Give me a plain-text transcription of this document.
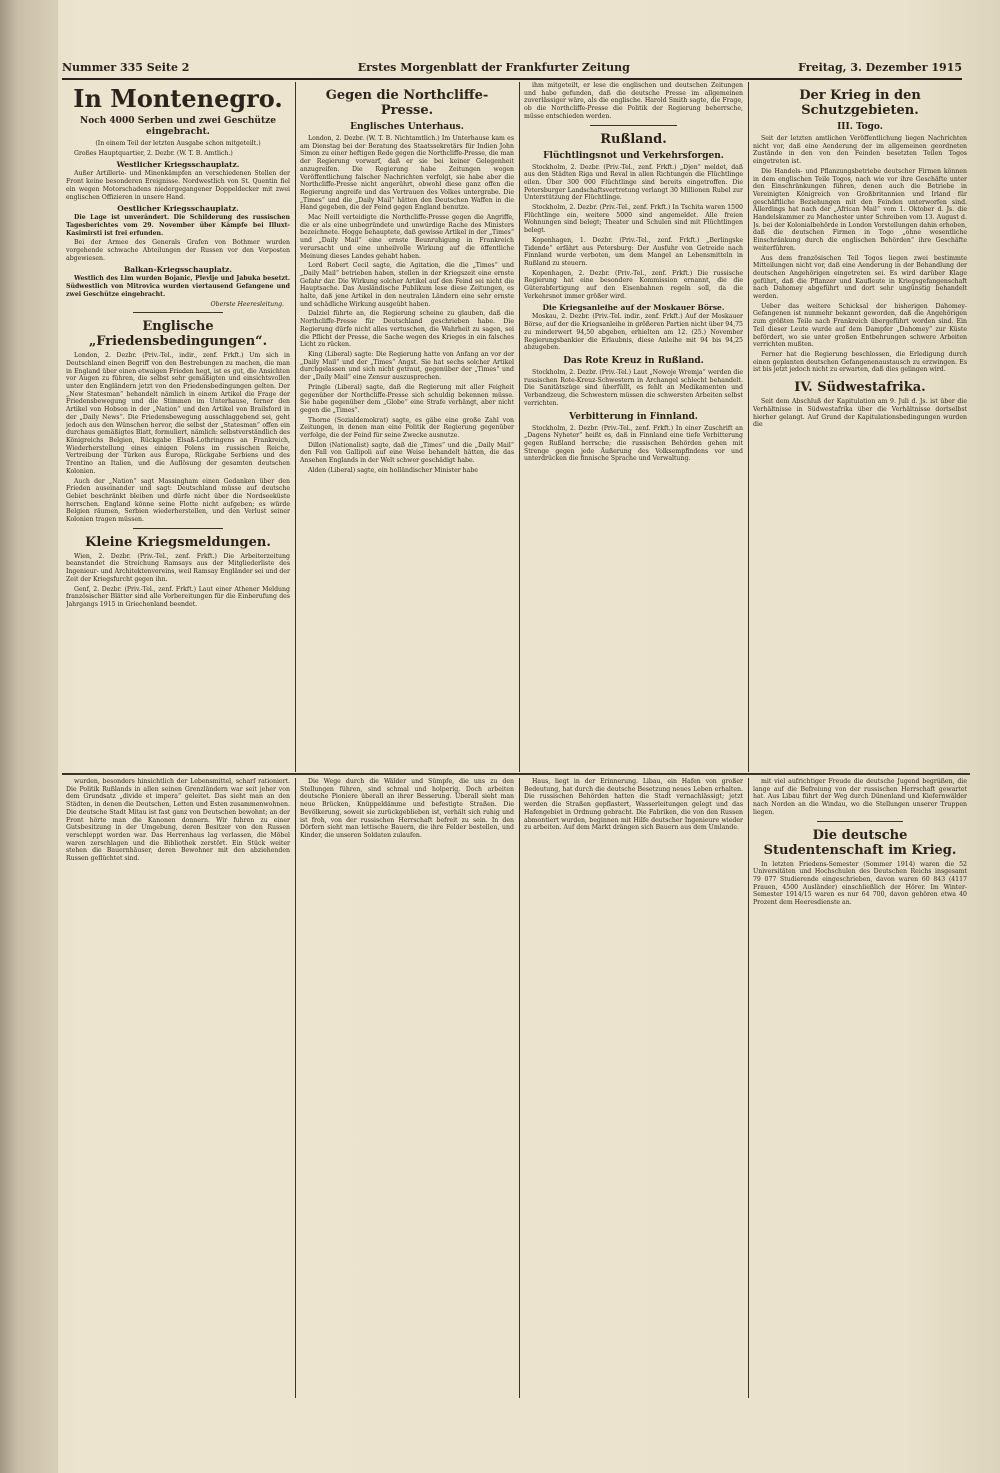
Nummer 335 Seite 2	Erstes Morgenblatt der Frankfurter Zeitung	Freitag, 3. Dezember 1915
In Montenegro.
Noch 4000 Serben und zwei Geschütze eingebracht.

(In einem Teil der letzten Ausgabe schon mitgeteilt.)

Großes Hauptquartier, 2. Dezbr. (W. T. B. Amtlich.)

Westlicher Kriegsschauplatz.

Außer Artillerie- und Minenkämpfen an verschiedenen Stellen der Front keine besonderen Ereignisse. Nordwestlich von St. Quentin fiel ein wegen Motorschadens niedergegangener Doppeldecker mit zwei englischen Offizieren in unsere Hand.

Oestlicher Kriegsschauplatz.

Die Lage ist unverändert. Die Schilderung des russischen Tagesberichtes vom 29. November über Kämpfe bei Illuxt-Kasimirsti ist frei erfunden.

Bei der Armee des Generals Grafen von Bothmer wurden vorgehende schwache Abteilungen der Russen vor den Vorposten abgewiesen.

Balkan-Kriegsschauplatz.

Westlich des Lim wurden Bojanic, Plevlje und Jabuka besetzt. Südwestlich von Mitrovica wurden viertausend Gefangene und zwei Geschütze eingebracht.

Oberste Heeresleitung.

Englische „Friedensbedingungen“.

London, 2. Dezbr. (Priv.-Tel., indir., zenf. Frkft.) Um sich in Deutschland einen Begriff von den Bestrebungen zu machen, die man in England über einen etwaigen Frieden hegt, ist es gut, die Ansichten vor Augen zu führen, die selbst sehr gemäßigten und einsichtsvollen unter den Engländern jetzt von den Friedensbedingungen gelten. Der „New Statesman“ behandelt nämlich in einem Artikel die Frage der Friedensbewegung und die Stimmen im Unterhause, ferner den Artikel von Hobson in der „Nation“ und den Artikel von Brailsford in der „Daily News“. Die Friedensbewegung ausschlaggebend sei, geht jedoch aus den Wünschen hervor, die selbst der „Statesman“ offen ein durchaus gemäßigtes Blatt, formuliert, nämlich: selbstverständlich des Königreichs Belgien, Rückgabe Elsaß-Lothringens an Frankreich, Wiederherstellung eines einigen Polens im russischen Reiche, Vertreibung der Türken aus Europa, Rückgabe Serbiens und des Trentino an Italien, und die Auflösung der gesamten deutschen Kolonien.

Auch der „Nation“ sagt Massingham einen Gedanken über den Frieden auseinander und sagt: Deutschland müsse auf deutsche Gebiet beschränkt bleiben und dürfe nicht über die Nordseeküste herrschen. England könne seine Flotte nicht aufgeben; es würde Belgien räumen, Serbien wiederherstellen, und den Verlust seiner Kolonien tragen müssen.

Kleine Kriegsmeldungen.

Wien, 2. Dezbr. (Priv.-Tel., zenf. Frkft.) Die Arbeiterzeitung beanstandet die Streichung Ramsays aus der Mitgliederliste des Ingenieur- und Architektenvereins, weil Ramsay Engländer sei und der Zeit der Kriegsfurcht gegen ihn.

Genf, 2. Dezbr. (Priv.-Tel., zenf. Frkft.) Laut einer Athener Meldung französischer Blätter sind alle Vorbereitungen für die Einberufung des Jahrgangs 1915 in Griechenland beendet.

Gegen die Northcliffe-Presse.
Englisches Unterhaus.

London, 2. Dezbr. (W. T. B. Nichtamtlich.) Im Unterhause kam es am Dienstag bei der Beratung des Staatssekretärs für Indien John Simon zu einer heftigen Rede gegen die Northcliffe-Presse, die man der Regierung vorwarf, daß er sie bei keiner Gelegenheit anzugreifen. Die Regierung habe Zeitungen wegen Veröffentlichung falscher Nachrichten verfolgt, sie habe aber die Northcliffe-Presse nicht angerührt, obwohl diese ganz offen die Regierung angreife und das Vertrauen des Volkes untergrabe. Die „Times“ und die „Daily Mail“ hätten den Deutschen Waffen in die Hand gegeben, die der Feind gegen England benutze.

Mac Neill verteidigte die Northcliffe-Presse gegen die Angriffe, die er als eine unbegründete und unwürdige Rache des Ministers bezeichnete. Hogge behauptete, daß gewisse Artikel in der „Times“ und „Daily Mail“ eine ernste Beunruhigung in Frankreich verursacht und eine unheilvolle Wirkung auf die öffentliche Meinung dieses Landes gehabt haben.

Lord Robert Cecil sagte, die Agitation, die die „Times“ und „Daily Mail“ betrieben haben, stellen in der Kriegszeit eine ernste Gefahr dar. Die Wirkung solcher Artikel auf den Feind sei nicht die Hauptsache. Das Ausländische Publikum lese diese Zeitungen, es halte, daß jene Artikel in den neutralen Ländern eine sehr ernste und schädliche Wirkung ausgeübt haben.

Dalziel führte an, die Regierung scheine zu glauben, daß die Northcliffe-Presse für Deutschland geschrieben habe. Die Regierung dürfe nicht alles vertuschen, die Wahrheit zu sagen, sei die Pflicht der Presse, die Sache wegen des Krieges in ein falsches Licht zu rücken.

King (Liberal) sagte: Die Regierung hatte von Anfang an vor der „Daily Mail“ und der „Times“ Angst. Sie hat sechs solcher Artikel durchgelassen und sich nicht getraut, gegenüber der „Times“ und der „Daily Mail“ eine Zensur auszusprechen.

Pringle (Liberal) sagte, daß die Regierung mit aller Feigheit gegenüber der Northcliffe-Presse sich schuldig bekennen müsse. Sie habe gegenüber dem „Globe“ eine Strafe verhängt, aber nicht gegen die „Times“.

Thorne (Sozialdemokrat) sagte, es gäbe eine große Zahl von Zeitungen, in denen man eine Politik der Regierung gegenüber verfolge, die der Feind für seine Zwecke ausnutze.

Dillon (Nationalist) sagte, daß die „Times“ und die „Daily Mail“ den Fall von Gallipoli auf eine Weise behandelt hätten, die das Ansehen Englands in der Welt schwer geschädigt habe.

Alden (Liberal) sagte, ein holländischer Minister habe

ihm mitgeteilt, er lese die englischen und deutschen Zeitungen und habe gefunden, daß die deutsche Presse im allgemeinen zuverlässiger wäre, als die englische. Harold Smith sagte, die Frage, ob die Northcliffe-Presse die Politik der Regierung beherrsche, müsse entschieden werden.

Rußland.
Flüchtlingsnot und Verkehrsforgen.

Stockholm, 2. Dezbr. (Priv.-Tel., zenf. Frkft.) „Djen“ meldet, daß aus den Städten Riga und Reval in allen Richtungen die Flüchtlinge eilen. Über 300 000 Flüchtlinge sind bereits eingetroffen. Die Petersburger Landschaftsvertretung verlangt 30 Millionen Rubel zur Unterstützung der Flüchtlinge.

Stockholm, 2. Dezbr. (Priv.-Tel., zenf. Frkft.) In Tschita waren 1500 Flüchtlinge ein, weitere 5000 sind angemeldet. Alle freien Wohnungen sind belegt; Theater und Schulen sind mit Flüchtlingen belegt.

Kopenhagen, 1. Dezbr. (Priv.-Tel., zenf. Frkft.) „Berlingske Tidende“ erfährt aus Petersburg: Der Ausfuhr von Getreide nach Finnland wurde verboten, um dem Mangel an Lebensmitteln in Rußland zu steuern.

Kopenhagen, 2. Dezbr. (Priv.-Tel., zenf. Frkft.) Die russische Regierung hat eine besondere Kommission ernannt, die die Güterabfertigung auf den Eisenbahnen regeln soll, da die Verkehrsnot immer größer wird.

Die Kriegsanleihe auf der Moskauer Börse.

Moskau, 2. Dezbr. (Priv.-Tel. indir., zenf. Frkft.) Auf der Moskauer Börse, auf der die Kriegsanleihe in größeren Partien nicht über 94,75 zu minderwert 94,50 abgeben, erhielten am 12. (25.) November Regierungsbankier die Erlaubnis, diese Anleihe mit 94 bis 94,25 abzugeben.

Das Rote Kreuz in Rußland.

Stockholm, 2. Dezbr. (Priv.-Tel.) Laut „Nowoje Wremja“ werden die russischen Rote-Kreuz-Schwestern in Archangel schlecht behandelt. Die Sanitätszüge sind überfüllt, es fehlt an Medikamenten und Verbandzeug, die Schwestern müssen die schwersten Arbeiten selbst verrichten.

Verbitterung in Finnland.

Stockholm, 2. Dezbr. (Priv.-Tel., zenf. Frkft.) In einer Zuschrift an „Dagens Nyheter“ heißt es, daß in Finnland eine tiefe Verbitterung gegen Rußland herrsche; die russischen Behörden gehen mit Strenge gegen jede Äußerung des Volksempfindens vor und unterdrücken die finnische Sprache und Verwaltung.

Der Krieg in den Schutzgebieten.
III. Togo.

Seit der letzten amtlichen Veröffentlichung liegen Nachrichten nicht vor, daß eine Aenderung der im allgemeinen geordneten Zustände in den von den Feinden besetzten Teilen Togos eingetreten ist.

Die Handels- und Pflanzungsbetriebe deutscher Firmen können in dem englischen Teile Togos, nach wie vor ihre Geschäfte unter den Einschränkungen führen, denen auch die Betriebe in Vereinigten Königreich von Großbritannien und Irland für geschäftliche Beziehungen mit den Feinden unterworfen sind. Allerdings hat nach der „African Mail“ vom 1. Oktober d. Js. die Handelskammer zu Manchester unter Schreiben vom 13. August d. Js. bei der Kolonialbehörde in London Vorstellungen dahin erhoben, daß die deutschen Firmen in Togo „ohne wesentliche Einschränkung durch die englischen Behörden“ ihre Geschäfte weiterführen.

Aus dem französischen Teil Togos liegen zwei bestimmte Mitteilungen nicht vor, daß eine Aenderung in der Behandlung der deutschen Angehörigen eingetreten sei. Es wird darüber Klage geführt, daß die Pflanzer und Kaufleute in Kriegsgefangenschaft nach Dahomey abgeführt und dort sehr ungünstig behandelt werden.

Ueber das weitere Schicksal der bisherigen Dahomey-Gefangenen ist nunmehr bekannt geworden, daß die Angehörigen zum größten Teile nach Frankreich übergeführt worden sind. Ein Teil dieser Leute wurde auf dem Dampfer „Dahomey“ zur Küste befördert, wo sie unter großen Entbehrungen schwere Arbeiten verrichten mußten.

Ferner hat die Regierung beschlossen, die Erledigung durch einen geplanten deutschen Gefangenenaustausch zu erzwingen. Es ist bis jetzt jedoch nicht zu erwarten, daß dies gelingen wird.

IV. Südwestafrika.

Seit dem Abschluß der Kapitulation am 9. Juli d. Js. ist über die Verhältnisse in Südwestafrika über die Verhältnisse dortselbst hierher gelangt. Auf Grund der Kapitulationsbedingungen wurden die

wurden, besonders hinsichtlich der Lebensmittel, scharf rationiert. Die Politik Rußlands in allen seinen Grenzländern war seit jeher von dem Grundsatz „divide et impera“ geleitet. Das sieht man an den Städten, in denen die Deutschen, Letten und Esten zusammenwohnen. Die deutsche Stadt Mitau ist fast ganz von Deutschen bewohnt; an der Front hörte man die Kanonen donnern. Wir fuhren zu einer Gutsbesitzung in der Umgebung, deren Besitzer von den Russen verschleppt worden war. Das Herrenhaus lag verlassen, die Möbel waren zerschlagen und die Bibliothek zerstört. Ein Stück weiter stehen die Bauernhäuser, deren Bewohner mit den abziehenden Russen geflüchtet sind.

Die Wege durch die Wälder und Sümpfe, die uns zu den Stellungen führen, sind schmal und holperig. Doch arbeiten deutsche Pioniere überall an ihrer Besserung. Überall sieht man neue Brücken, Knüppeldämme und befestigte Straßen. Die Bevölkerung, soweit sie zurückgeblieben ist, verhält sich ruhig und ist froh, von der russischen Herrschaft befreit zu sein. In den Dörfern sieht man lettische Bauern, die ihre Felder bestellen, und Kinder, die unseren Soldaten zulaufen.

Haus, liegt in der Erinnerung. Libau, ein Hafen von großer Bedeutung, hat durch die deutsche Besetzung neues Leben erhalten. Die russischen Behörden hatten die Stadt vernachlässigt; jetzt werden die Straßen gepflastert, Wasserleitungen gelegt und das Hafengebiet in Ordnung gebracht. Die Fabriken, die von den Russen abmontiert wurden, beginnen mit Hilfe deutscher Ingenieure wieder zu arbeiten. Auf dem Markt drängen sich Bauern aus dem Umlande.

mit viel aufrichtiger Freude die deutsche Jugend begrüßen, die lange auf die Befreiung von der russischen Herrschaft gewartet hat. Aus Libau führt der Weg durch Dünenland und Kiefernwälder nach Norden an die Windau, wo die Stellungen unserer Truppen liegen.

Die deutsche Studentenschaft im Krieg.

In letzten Friedens-Semester (Sommer 1914) waren die 52 Universitäten und Hochschulen des Deutschen Reichs insgesamt 79 077 Studierende eingeschrieben, davon waren 60 843 (4117 Frauen, 4500 Ausländer) einschließlich der Hörer. Im Winter-Semester 1914/15 waren es nur 64 700, davon gehören etwa 40 Prozent dem Heeresdienste an.
